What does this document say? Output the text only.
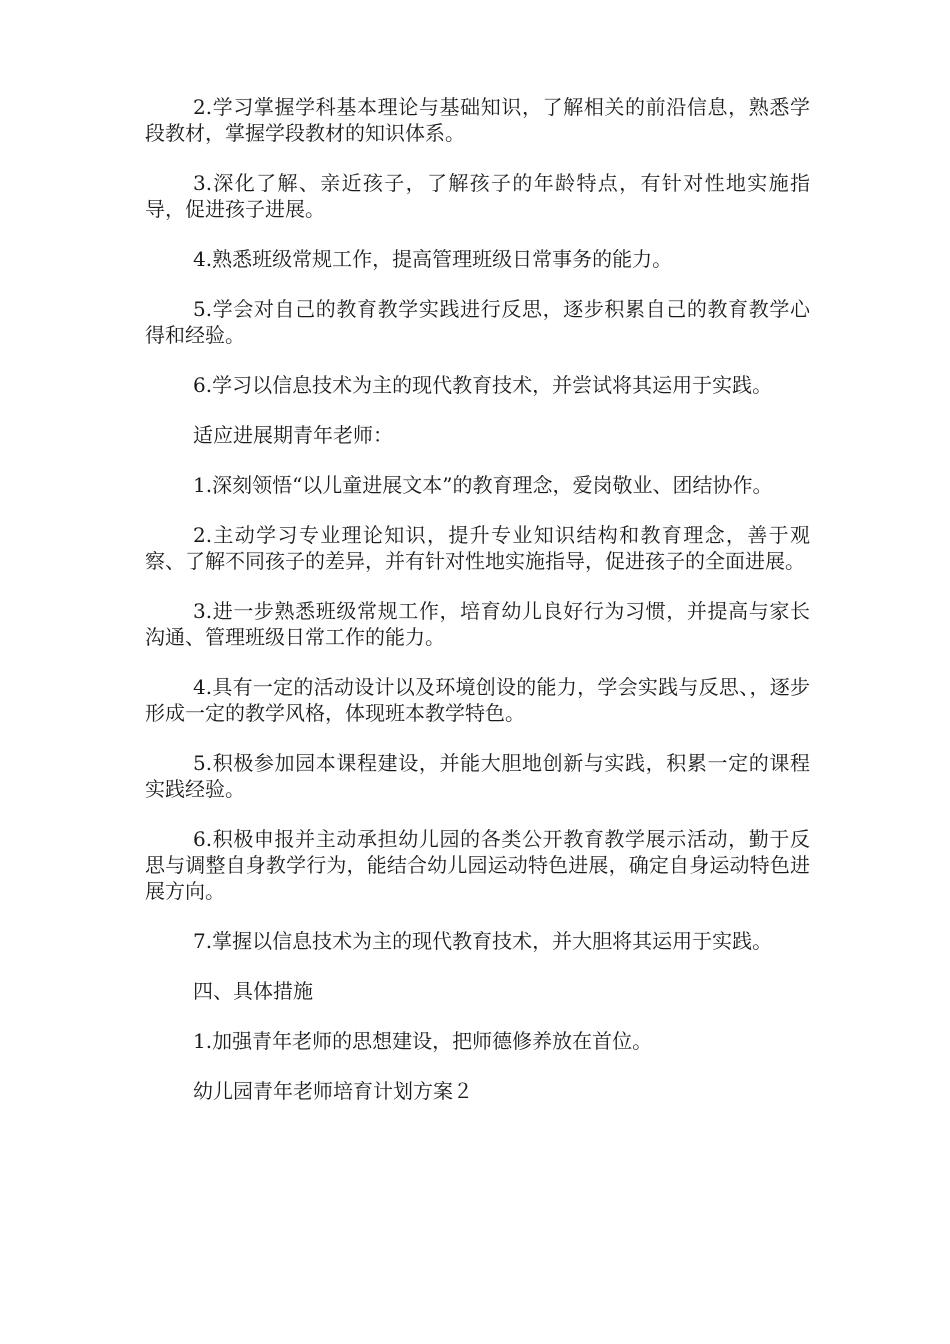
2.学习掌握学科基本理论与基础知识，了解相关的前沿信息，熟悉学段教材，掌握学段教材的知识体系。

3.深化了解、亲近孩子，了解孩子的年龄特点，有针对性地实施指导，促进孩子进展。

4.熟悉班级常规工作，提高管理班级日常事务的能力。

5.学会对自己的教育教学实践进行反思，逐步积累自己的教育教学心得和经验。

6.学习以信息技术为主的现代教育技术，并尝试将其运用于实践。

适应进展期青年老师：

1.深刻领悟“以儿童进展文本”的教育理念，爱岗敬业、团结协作。

2.主动学习专业理论知识，提升专业知识结构和教育理念，善于观察、了解不同孩子的差异，并有针对性地实施指导，促进孩子的全面进展。

3.进一步熟悉班级常规工作，培育幼儿良好行为习惯，并提高与家长沟通、管理班级日常工作的能力。

4.具有一定的活动设计以及环境创设的能力，学会实践与反思、，逐步形成一定的教学风格，体现班本教学特色。

5.积极参加园本课程建设，并能大胆地创新与实践，积累一定的课程实践经验。

6.积极申报并主动承担幼儿园的各类公开教育教学展示活动，勤于反思与调整自身教学行为，能结合幼儿园运动特色进展，确定自身运动特色进展方向。

7.掌握以信息技术为主的现代教育技术，并大胆将其运用于实践。

四、具体措施

1.加强青年老师的思想建设，把师德修养放在首位。

幼儿园青年老师培育计划方案２
